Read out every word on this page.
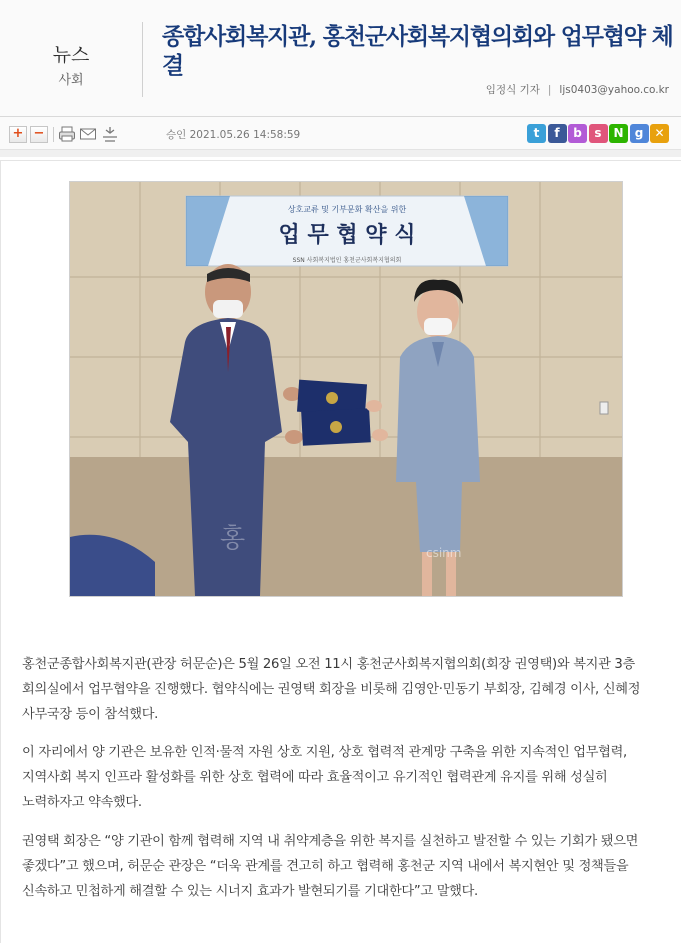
뉴스
사회
종합사회복지관, 홍천군사회복지협의회와 업무협약 체결
임정식 기자 | ljs0403@yahoo.co.kr
+ −	승인 2021.05.26 14:58:59	t	f	b	s N g ✕
상호교류 및 기부문화 확산을 위한
업 무 협 약 식
SSN 사회복지법인 홍천군사회복지협의회
홍	csinm

홍천군종합사회복지관(관장 허문순)은 5월 26일 오전 11시 홍천군사회복지협의회(회장 권영택)와 복지관 3층 회의실에서 업무협약을 진행했다. 협약식에는 권영택 회장을 비롯해 김영안·민동기 부회장, 김혜경 이사, 신혜정 사무국장 등이 참석했다.

이 자리에서 양 기관은 보유한 인적·물적 자원 상호 지원, 상호 협력적 관계망 구축을 위한 지속적인 업무협력, 지역사회 복지 인프라 활성화를 위한 상호 협력에 따라 효율적이고 유기적인 협력관계 유지를 위해 성실히 노력하자고 약속했다.

권영택 회장은 “양 기관이 함께 협력해 지역 내 취약계층을 위한 복지를 실천하고 발전할 수 있는 기회가 됐으면 좋겠다”고 했으며, 허문순 관장은 “더욱 관계를 견고히 하고 협력해 홍천군 지역 내에서 복지현안 및 정책들을 신속하고 민첩하게 해결할 수 있는 시너지 효과가 발현되기를 기대한다”고 말했다.
